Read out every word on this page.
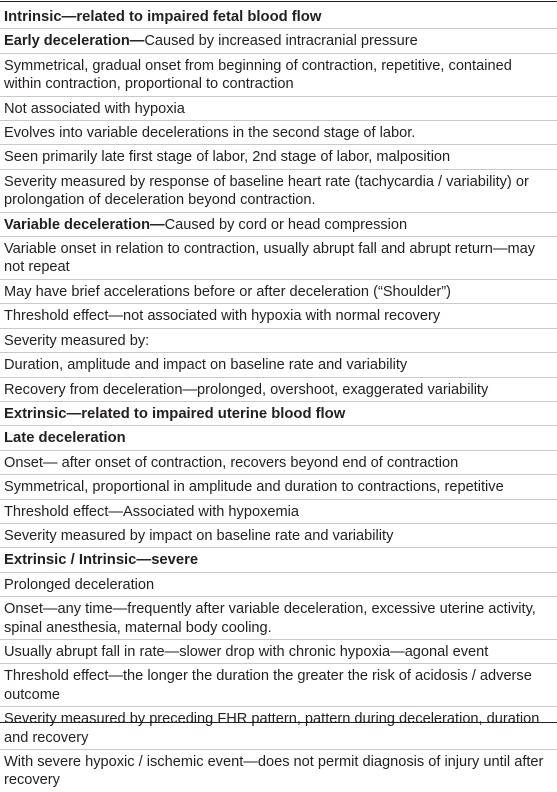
Intrinsic—related to impaired fetal blood flow
Early deceleration—Caused by increased intracranial pressure
Symmetrical, gradual onset from beginning of contraction, repetitive, contained within contraction, proportional to contraction
Not associated with hypoxia
Evolves into variable decelerations in the second stage of labor.
Seen primarily late first stage of labor, 2nd stage of labor, malposition
Severity measured by response of baseline heart rate (tachycardia / variability) or prolongation of deceleration beyond contraction.
Variable deceleration—Caused by cord or head compression
Variable onset in relation to contraction, usually abrupt fall and abrupt return—may not repeat
May have brief accelerations before or after deceleration (“Shoulder”)
Threshold effect—not associated with hypoxia with normal recovery
Severity measured by:
Duration, amplitude and impact on baseline rate and variability
Recovery from deceleration—prolonged, overshoot, exaggerated variability
Extrinsic—related to impaired uterine blood flow
Late deceleration
Onset— after onset of contraction, recovers beyond end of contraction
Symmetrical, proportional in amplitude and duration to contractions, repetitive
Threshold effect—Associated with hypoxemia
Severity measured by impact on baseline rate and variability
Extrinsic / Intrinsic—severe
Prolonged deceleration
Onset—any time—frequently after variable deceleration, excessive uterine activity, spinal anesthesia, maternal body cooling.
Usually abrupt fall in rate—slower drop with chronic hypoxia—agonal event
Threshold effect—the longer the duration the greater the risk of acidosis / adverse outcome
Severity measured by preceding FHR pattern, pattern during deceleration, duration and recovery
With severe hypoxic / ischemic event—does not permit diagnosis of injury until after recovery
